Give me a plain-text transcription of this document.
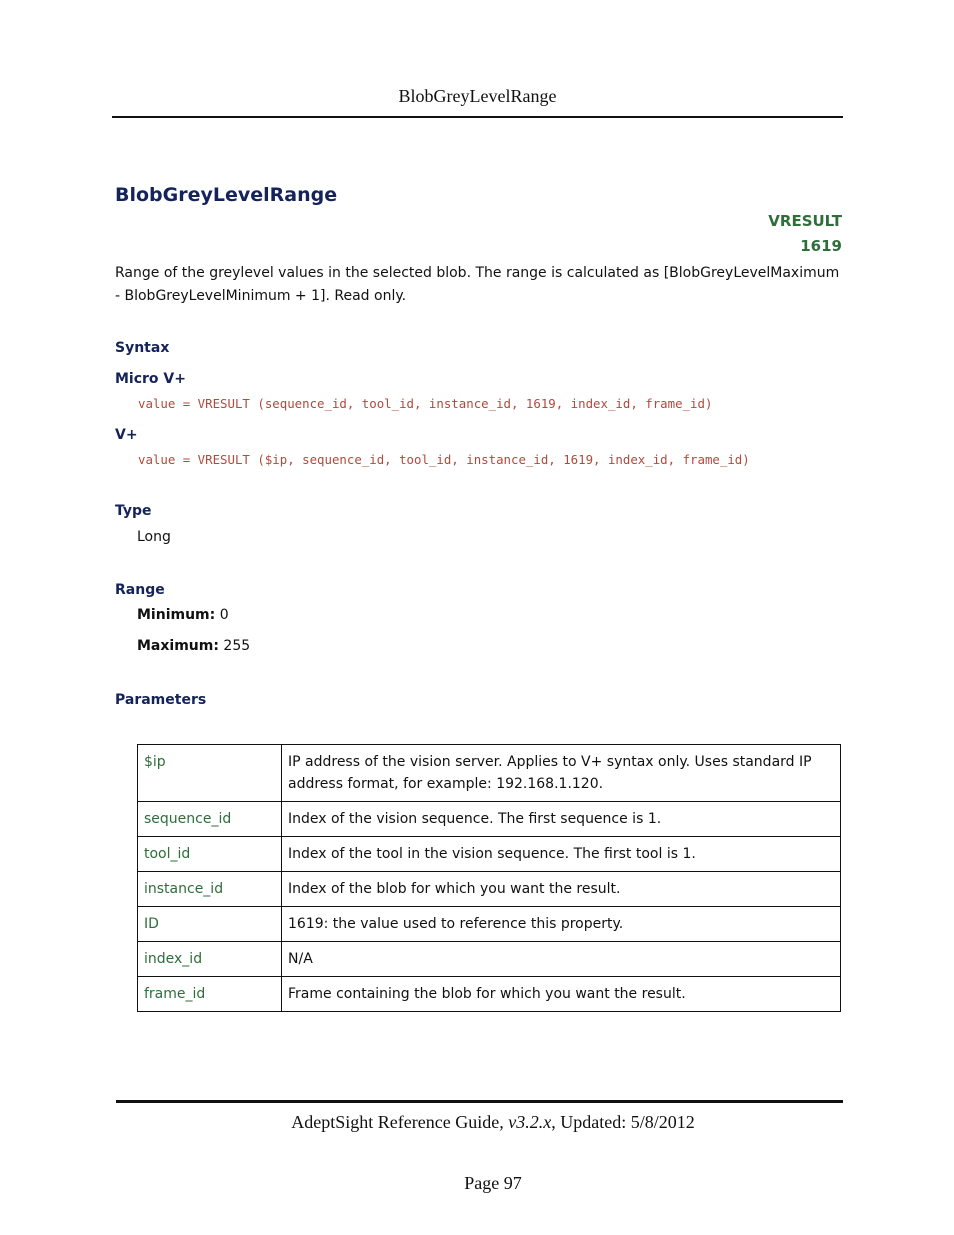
BlobGreyLevelRange
BlobGreyLevelRange
VRESULT
1619
Range of the greylevel values in the selected blob. The range is calculated as [BlobGreyLevelMaximum - BlobGreyLevelMinimum + 1]. Read only.
Syntax
Micro V+
value = VRESULT (sequence_id, tool_id, instance_id, 1619, index_id, frame_id)
V+
value = VRESULT ($ip, sequence_id, tool_id, instance_id, 1619, index_id, frame_id)
Type
Long
Range
Minimum: 0
Maximum: 255
Parameters
$ip	IP address of the vision server. Applies to V+ syntax only. Uses standard IP address format, for example: 192.168.1.120.
sequence_id	Index of the vision sequence. The first sequence is 1.
tool_id	Index of the tool in the vision sequence. The first tool is 1.
instance_id	Index of the blob for which you want the result.
ID	1619: the value used to reference this property.
index_id	N/A
frame_id	Frame containing the blob for which you want the result.
AdeptSight Reference Guide, v3.2.x, Updated: 5/8/2012
Page 97
